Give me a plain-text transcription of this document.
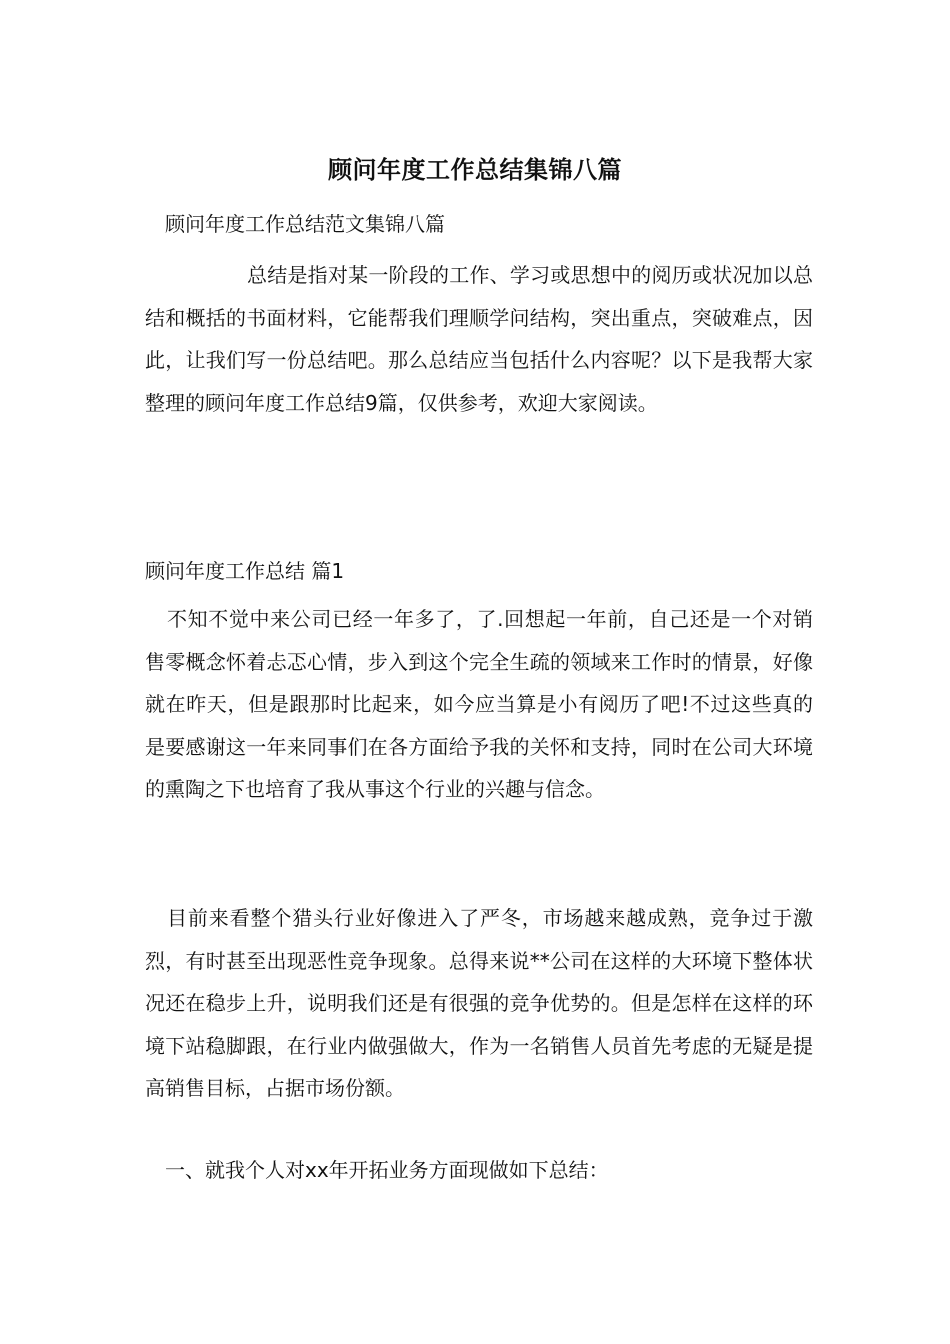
顾问年度工作总结集锦八篇
顾问年度工作总结范文集锦八篇
总结是指对某一阶段的工作、学习或思想中的阅历或状况加以总结和概括的书面材料，它能帮我们理顺学问结构，突出重点，突破难点，因此，让我们写一份总结吧。那么总结应当包括什么内容呢？以下是我帮大家整理的顾问年度工作总结9篇，仅供参考，欢迎大家阅读。
顾问年度工作总结 篇1
不知不觉中来公司已经一年多了，了.回想起一年前，自己还是一个对销售零概念怀着忐忑心情，步入到这个完全生疏的领域来工作时的情景，好像就在昨天，但是跟那时比起来，如今应当算是小有阅历了吧!不过这些真的是要感谢这一年来同事们在各方面给予我的关怀和支持，同时在公司大环境的熏陶之下也培育了我从事这个行业的兴趣与信念。
目前来看整个猎头行业好像进入了严冬，市场越来越成熟，竞争过于激烈，有时甚至出现恶性竞争现象。总得来说**公司在这样的大环境下整体状况还在稳步上升，说明我们还是有很强的竞争优势的。但是怎样在这样的环境下站稳脚跟，在行业内做强做大，作为一名销售人员首先考虑的无疑是提高销售目标，占据市场份额。
一、就我个人对xx年开拓业务方面现做如下总结：
